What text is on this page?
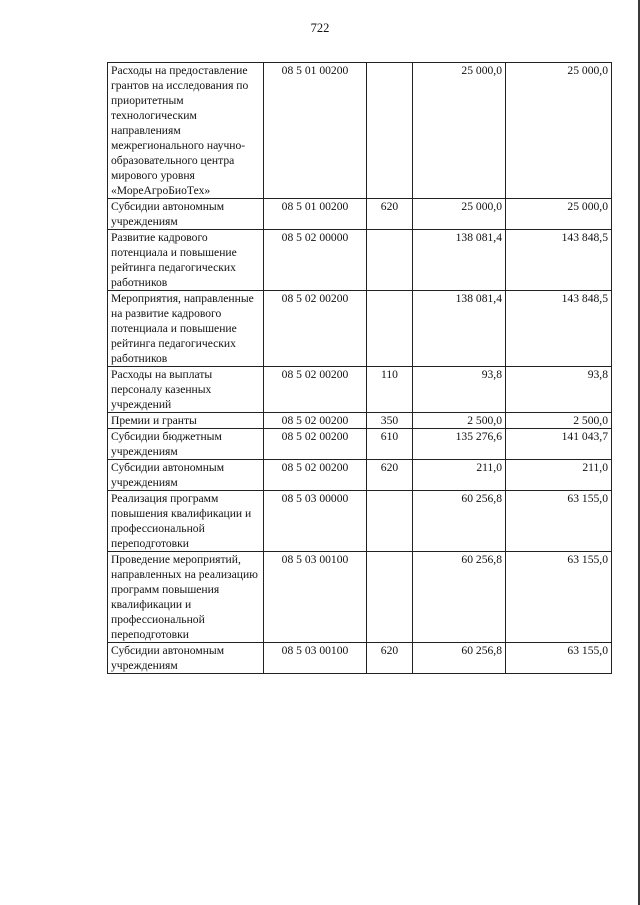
722
Расходы на предоставление грантов на исследования по приоритетным технологическим направлениям межрегионального научно-образовательного центра мирового уровня «МореАгроБиоТех»	08 5 01 00200		25 000,0	25 000,0
Субсидии автономным учреждениям	08 5 01 00200	620	25 000,0	25 000,0
Развитие кадрового потенциала и повышение рейтинга педагогических работников	08 5 02 00000		138 081,4	143 848,5
Мероприятия, направленные на развитие кадрового потенциала и повышение рейтинга педагогических работников	08 5 02 00200		138 081,4	143 848,5
Расходы на выплаты персоналу казенных учреждений	08 5 02 00200	110	93,8	93,8
Премии и гранты	08 5 02 00200	350	2 500,0	2 500,0
Субсидии бюджетным учреждениям	08 5 02 00200	610	135 276,6	141 043,7
Субсидии автономным учреждениям	08 5 02 00200	620	211,0	211,0
Реализация программ повышения квалификации и профессиональной переподготовки	08 5 03 00000		60 256,8	63 155,0
Проведение мероприятий, направленных на реализацию программ повышения квалификации и профессиональной переподготовки	08 5 03 00100		60 256,8	63 155,0
Субсидии автономным учреждениям	08 5 03 00100	620	60 256,8	63 155,0
